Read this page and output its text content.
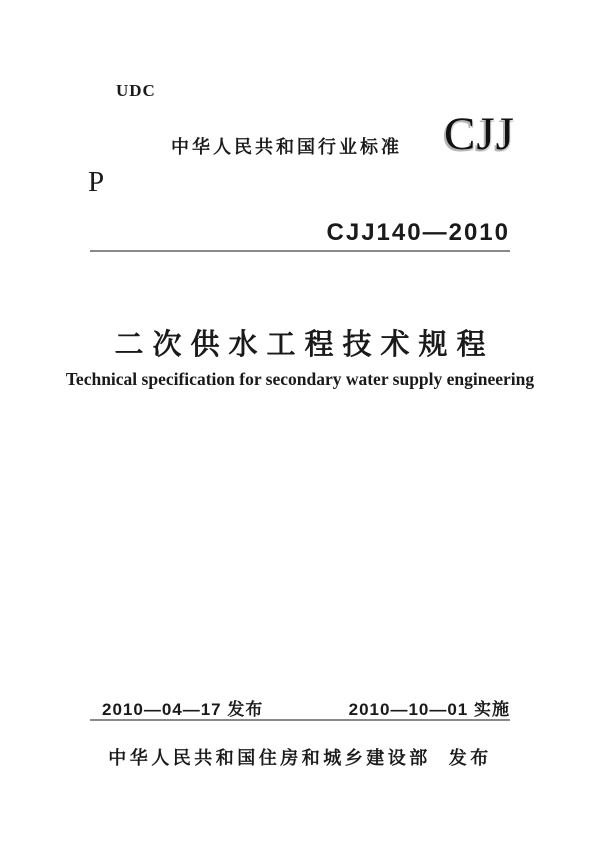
UDC
中华人民共和国行业标准 CJJ
P
CJJ140—2010
二次供水工程技术规程
Technical specification for secondary water supply engineering
2010—04—17 发布	2010—10—01 实施
中华人民共和国住房和城乡建设部 发布
